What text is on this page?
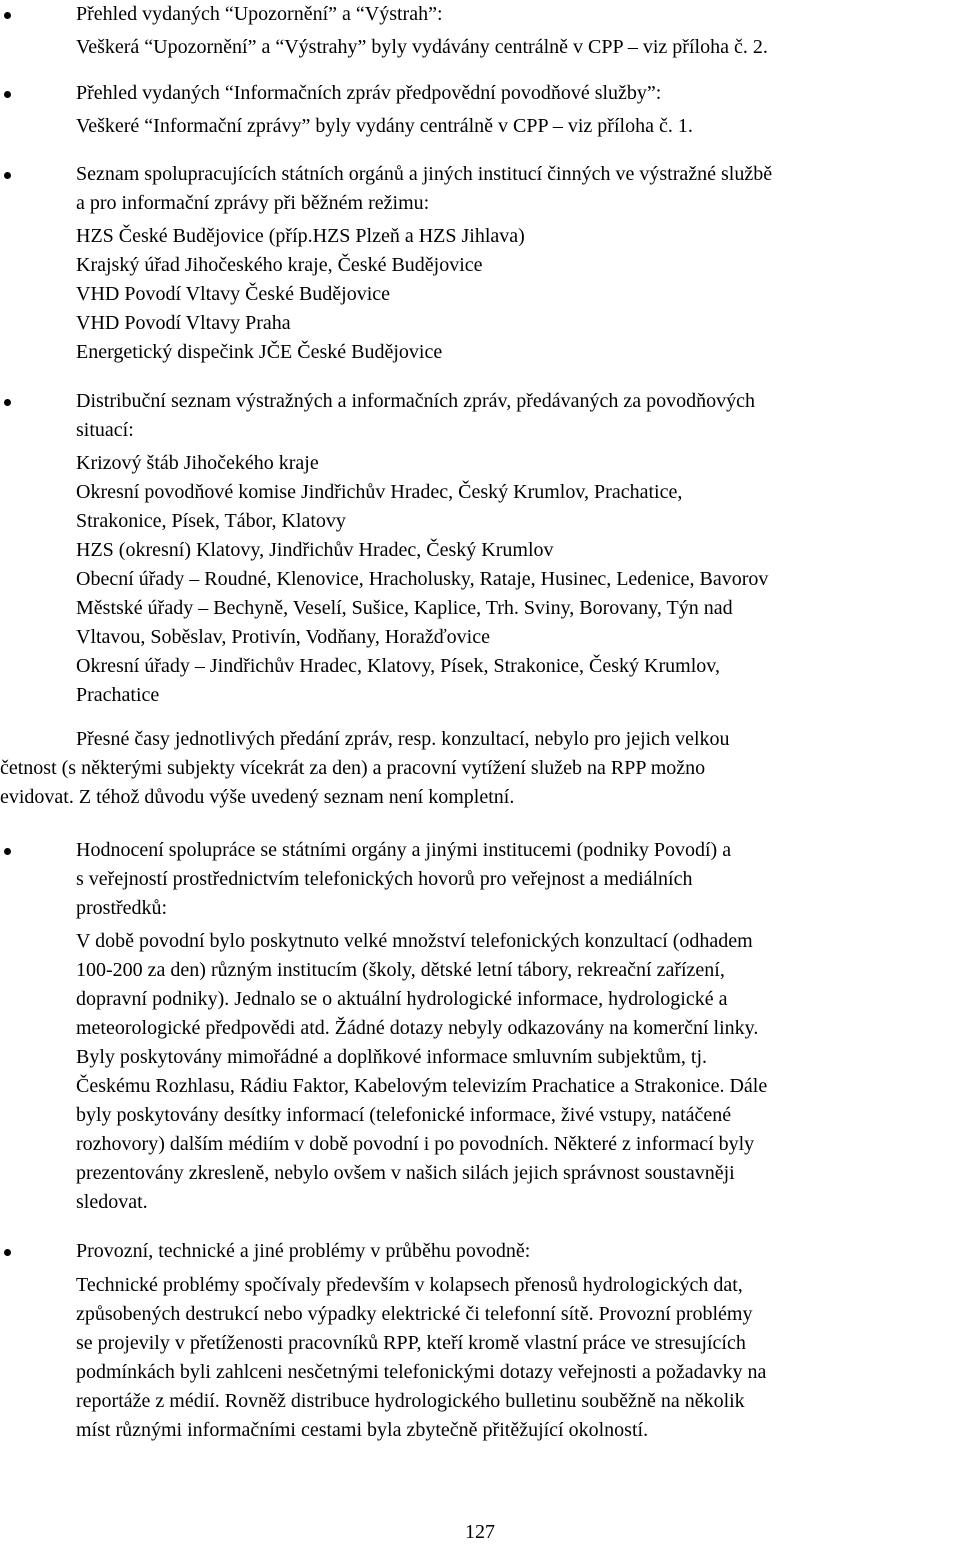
Přehled vydaných “Upozornění” a “Výstrah”:
Veškerá “Upozornění” a “Výstrahy” byly vydávány centrálně v CPP – viz příloha č. 2.
Přehled vydaných “Informačních zpráv předpovědní povodňové služby”:
Veškeré “Informační zprávy” byly vydány centrálně v CPP – viz příloha č. 1.
Seznam spolupracujících státních orgánů a jiných institucí činných ve výstražné službě
a pro informační zprávy při běžném režimu:
HZS České Budějovice (příp.HZS Plzeň a HZS Jihlava)
Krajský úřad Jihočeského kraje, České Budějovice
VHD Povodí Vltavy České Budějovice
VHD Povodí Vltavy Praha
Energetický dispečink JČE České Budějovice
Distribuční seznam výstražných a informačních zpráv, předávaných za povodňových
situací:
Krizový štáb Jihočekého kraje
Okresní povodňové komise Jindřichův Hradec, Český Krumlov, Prachatice,
Strakonice, Písek, Tábor, Klatovy
HZS (okresní) Klatovy, Jindřichův Hradec, Český Krumlov
Obecní úřady – Roudné, Klenovice, Hracholusky, Rataje, Husinec, Ledenice, Bavorov
Městské úřady – Bechyně, Veselí, Sušice, Kaplice, Trh. Sviny, Borovany, Týn nad
Vltavou, Soběslav, Protivín, Vodňany, Horažďovice
Okresní úřady – Jindřichův Hradec, Klatovy, Písek, Strakonice, Český Krumlov,
Prachatice
Přesné časy jednotlivých předání zpráv, resp. konzultací, nebylo pro jejich velkou
četnost (s některými subjekty vícekrát za den) a pracovní vytížení služeb na RPP možno
evidovat. Z téhož důvodu výše uvedený seznam není kompletní.
Hodnocení spolupráce se státními orgány a jinými institucemi (podniky Povodí) a
s veřejností prostřednictvím telefonických hovorů pro veřejnost a mediálních
prostředků:
V době povodní bylo poskytnuto velké množství telefonických konzultací (odhadem
100-200 za den) různým institucím (školy, dětské letní tábory, rekreační zařízení,
dopravní podniky). Jednalo se o aktuální hydrologické informace, hydrologické a
meteorologické předpovědi atd. Žádné dotazy nebyly odkazovány na komerční linky.
Byly poskytovány mimořádné a doplňkové informace smluvním subjektům, tj.
Českému Rozhlasu, Rádiu Faktor, Kabelovým televizím Prachatice a Strakonice. Dále
byly poskytovány desítky informací (telefonické informace, živé vstupy, natáčené
rozhovory) dalším médiím v době povodní i po povodních. Některé z informací byly
prezentovány zkresleně, nebylo ovšem v našich silách jejich správnost soustavněji
sledovat.
Provozní, technické a jiné problémy v průběhu povodně:
Technické problémy spočívaly především v kolapsech přenosů hydrologických dat,
způsobených destrukcí nebo výpadky elektrické či telefonní sítě. Provozní problémy
se projevily v přetíženosti pracovníků RPP, kteří kromě vlastní práce ve stresujících
podmínkách byli zahlceni nesčetnými telefonickými dotazy veřejnosti a požadavky na
reportáže z médií. Rovněž distribuce hydrologického bulletinu souběžně na několik
míst různými informačními cestami byla zbytečně přitěžující okolností.
127
